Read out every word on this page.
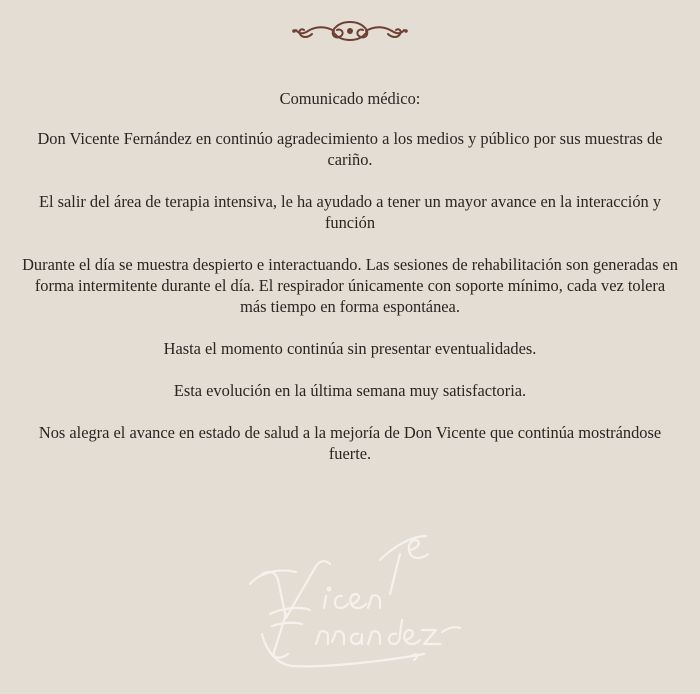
Comunicado médico:

Don Vicente Fernández en continúo agradecimiento a los medios y público por sus muestras de cariño.

El salir del área de terapia intensiva, le ha ayudado a tener un mayor avance en la interacción y función

Durante el día se muestra despierto e interactuando. Las sesiones de rehabilitación son generadas en forma intermitente durante el día. El respirador únicamente con soporte mínimo, cada vez tolera más tiempo en forma espontánea.

Hasta el momento continúa sin presentar eventualidades.

Esta evolución en la última semana muy satisfactoria.

Nos alegra el avance en estado de salud a la mejoría de Don Vicente que continúa mostrándose fuerte.
